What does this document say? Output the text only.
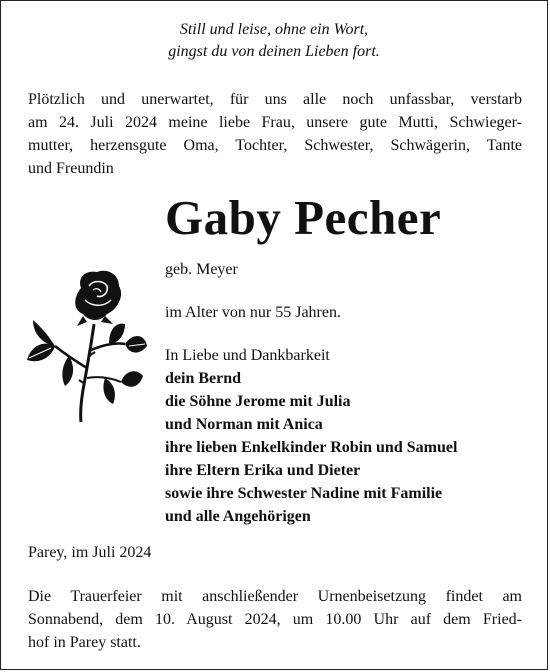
Still und leise, ohne ein Wort,
gingst du von deinen Lieben fort.
Plötzlich und unerwartet, für uns alle noch unfassbar, verstarb
am 24. Juli 2024 meine liebe Frau, unsere gute Mutti, Schwieger-
mutter, herzensgute Oma, Tochter, Schwester, Schwägerin, Tante
und Freundin
Gaby Pecher
geb. Meyer
im Alter von nur 55 Jahren.
In Liebe und Dankbarkeit
dein Bernd
die Söhne Jerome mit Julia
und Norman mit Anica
ihre lieben Enkelkinder Robin und Samuel
ihre Eltern Erika und Dieter
sowie ihre Schwester Nadine mit Familie
und alle Angehörigen
Parey, im Juli 2024
Die Trauerfeier mit anschließender Urnenbeisetzung findet am
Sonnabend, dem 10. August 2024, um 10.00 Uhr auf dem Fried-
hof in Parey statt.
